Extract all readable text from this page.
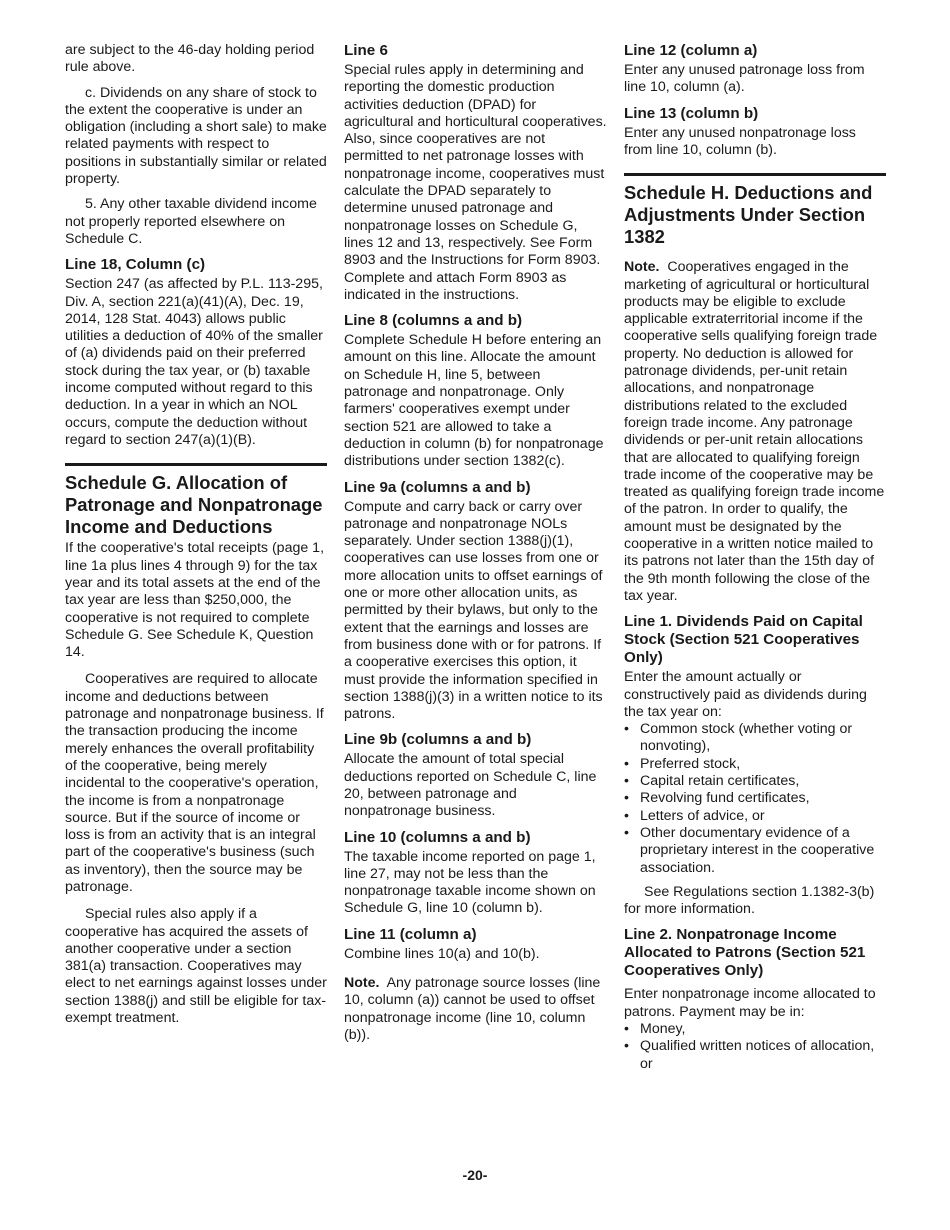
are subject to the 46-day holding period rule above.

c. Dividends on any share of stock to the extent the cooperative is under an obligation (including a short sale) to make related payments with respect to positions in substantially similar or related property.

5. Any other taxable dividend income not properly reported elsewhere on Schedule C.

Line 18, Column (c)

Section 247 (as affected by P.L. 113-295, Div. A, section 221(a)(41)(A), Dec. 19, 2014, 128 Stat. 4043) allows public utilities a deduction of 40% of the smaller of (a) dividends paid on their preferred stock during the tax year, or (b) taxable income computed without regard to this deduction. In a year in which an NOL occurs, compute the deduction without regard to section 247(a)(1)(B).

Schedule G. Allocation of Patronage and Nonpatronage Income and Deductions

If the cooperative's total receipts (page 1, line 1a plus lines 4 through 9) for the tax year and its total assets at the end of the tax year are less than $250,000, the cooperative is not required to complete Schedule G. See Schedule K, Question 14.

Cooperatives are required to allocate income and deductions between patronage and nonpatronage business. If the transaction producing the income merely enhances the overall profitability of the cooperative, being merely incidental to the cooperative's operation, the income is from a nonpatronage source. But if the source of income or loss is from an activity that is an integral part of the cooperative's business (such as inventory), then the source may be patronage.

Special rules also apply if a cooperative has acquired the assets of another cooperative under a section 381(a) transaction. Cooperatives may elect to net earnings against losses under section 1388(j) and still be eligible for tax-exempt treatment.

Line 6

Special rules apply in determining and reporting the domestic production activities deduction (DPAD) for agricultural and horticultural cooperatives. Also, since cooperatives are not permitted to net patronage losses with nonpatronage income, cooperatives must calculate the DPAD separately to determine unused patronage and nonpatronage losses on Schedule G, lines 12 and 13, respectively. See Form 8903 and the Instructions for Form 8903. Complete and attach Form 8903 as indicated in the instructions.

Line 8 (columns a and b)

Complete Schedule H before entering an amount on this line. Allocate the amount on Schedule H, line 5, between patronage and nonpatronage. Only farmers' cooperatives exempt under section 521 are allowed to take a deduction in column (b) for nonpatronage distributions under section 1382(c).

Line 9a (columns a and b)

Compute and carry back or carry over patronage and nonpatronage NOLs separately. Under section 1388(j)(1), cooperatives can use losses from one or more allocation units to offset earnings of one or more other allocation units, as permitted by their bylaws, but only to the extent that the earnings and losses are from business done with or for patrons. If a cooperative exercises this option, it must provide the information specified in section 1388(j)(3) in a written notice to its patrons.

Line 9b (columns a and b)

Allocate the amount of total special deductions reported on Schedule C, line 20, between patronage and nonpatronage business.

Line 10 (columns a and b)

The taxable income reported on page 1, line 27, may not be less than the nonpatronage taxable income shown on Schedule G, line 10 (column b).

Line 11 (column a)

Combine lines 10(a) and 10(b).

Note. Any patronage source losses (line 10, column (a)) cannot be used to offset nonpatronage income (line 10, column (b)).

Line 12 (column a)

Enter any unused patronage loss from line 10, column (a).

Line 13 (column b)

Enter any unused nonpatronage loss from line 10, column (b).

Schedule H. Deductions and Adjustments Under Section 1382

Note. Cooperatives engaged in the marketing of agricultural or horticultural products may be eligible to exclude applicable extraterritorial income if the cooperative sells qualifying foreign trade property. No deduction is allowed for patronage dividends, per-unit retain allocations, and nonpatronage distributions related to the excluded foreign trade income. Any patronage dividends or per-unit retain allocations that are allocated to qualifying foreign trade income of the cooperative may be treated as qualifying foreign trade income of the patron. In order to qualify, the amount must be designated by the cooperative in a written notice mailed to its patrons not later than the 15th day of the 9th month following the close of the tax year.

Line 1. Dividends Paid on Capital Stock (Section 521 Cooperatives Only)

Enter the amount actually or constructively paid as dividends during the tax year on:

• Common stock (whether voting or nonvoting),
• Preferred stock,
• Capital retain certificates,
• Revolving fund certificates,
• Letters of advice, or
• Other documentary evidence of a proprietary interest in the cooperative association.

See Regulations section 1.1382-3(b) for more information.

Line 2. Nonpatronage Income Allocated to Patrons (Section 521 Cooperatives Only)

Enter nonpatronage income allocated to patrons. Payment may be in:

• Money,
• Qualified written notices of allocation, or
-20-
